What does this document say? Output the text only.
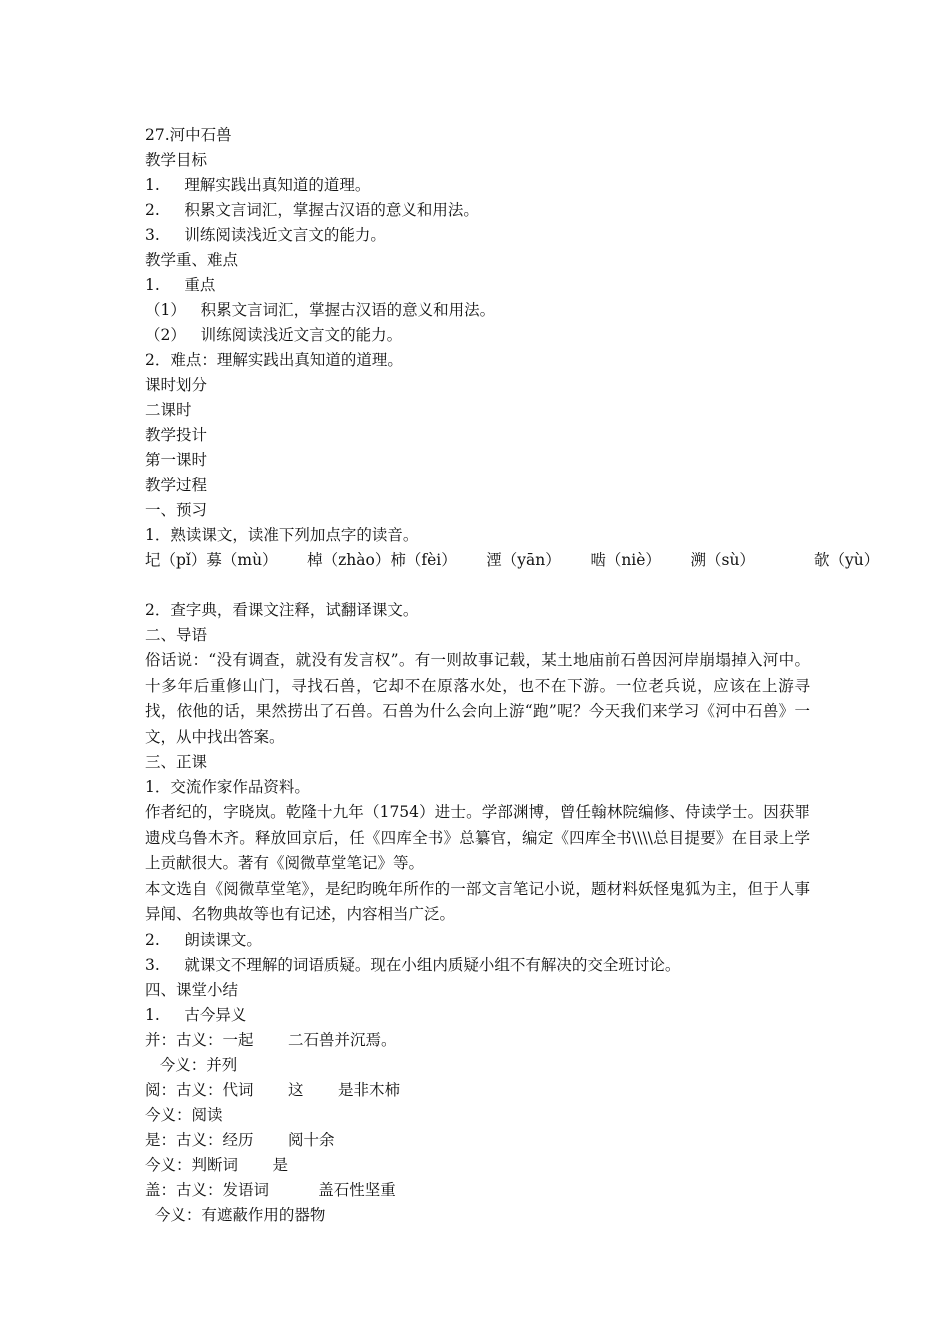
27.河中石兽
教学目标
1.     理解实践出真知道的道理。
2.     积累文言词汇，掌握古汉语的意义和用法。
3.     训练阅读浅近文言文的能力。
教学重、难点
1.     重点
（1）   积累文言词汇，掌握古汉语的意义和用法。
（2）   训练阅读浅近文言文的能力。
2．难点：理解实践出真知道的道理。
课时划分
二课时
教学投计
第一课时
教学过程
一、预习
1．熟读课文，读准下列加点字的读音。
圮（pǐ）募（mù）      棹（zhào）柿（fèi）      湮（yān）      啮（niè）      溯（sù）            欹（yù）
2．查字典，看课文注释，试翻译课文。
二、导语
俗话说：“没有调查，就没有发言权”。有一则故事记载，某土地庙前石兽因河岸崩塌掉入河中。十多年后重修山门，寻找石兽，它却不在原落水处，也不在下游。一位老兵说，应该在上游寻找，依他的话，果然捞出了石兽。石兽为什么会向上游“跑”呢？今天我们来学习《河中石兽》一文，从中找出答案。
三、正课
1．交流作家作品资料。
作者纪的，字晓岚。乾隆十九年（1754）进士。学部渊博，曾任翰林院编修、侍读学士。因获罪遗戍乌鲁木齐。释放回京后，任《四库全书》总纂官，编定《四库全书\\\\总目提要》在目录上学上贡献很大。著有《阅微草堂笔记》等。
本文选自《阅微草堂笔》，是纪昀晚年所作的一部文言笔记小说，题材料妖怪鬼狐为主，但于人事异闻、名物典故等也有记述，内容相当广泛。
2.     朗读课文。
3.     就课文不理解的词语质疑。现在小组内质疑小组不有解决的交全班讨论。
四、课堂小结
1.     古今异义
并：古义：一起       二石兽并沉焉。
今义：并列
阅：古义：代词       这       是非木柿
今义：阅读
是：古义：经历       阅十余
今义：判断词       是
盖：古义：发语词          盖石性坚重
今义：有遮蔽作用的器物
